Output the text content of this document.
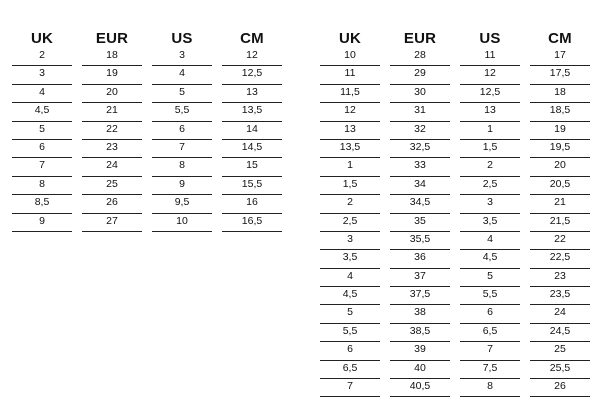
UK
2
3
4
4,5
5
6
7
8
8,5
9
EUR
18
19
20
21
22
23
24
25
26
27
US
3
4
5
5,5
6
7
8
9
9,5
10
CM
12
12,5
13
13,5
14
14,5
15
15,5
16
16,5
UK
10
11
11,5
12
13
13,5
1
1,5
2
2,5
3
3,5
4
4,5
5
5,5
6
6,5
7
EUR
28
29
30
31
32
32,5
33
34
34,5
35
35,5
36
37
37,5
38
38,5
39
40
40,5
US
11
12
12,5
13
1
1,5
2
2,5
3
3,5
4
4,5
5
5,5
6
6,5
7
7,5
8
CM
17
17,5
18
18,5
19
19,5
20
20,5
21
21,5
22
22,5
23
23,5
24
24,5
25
25,5
26
